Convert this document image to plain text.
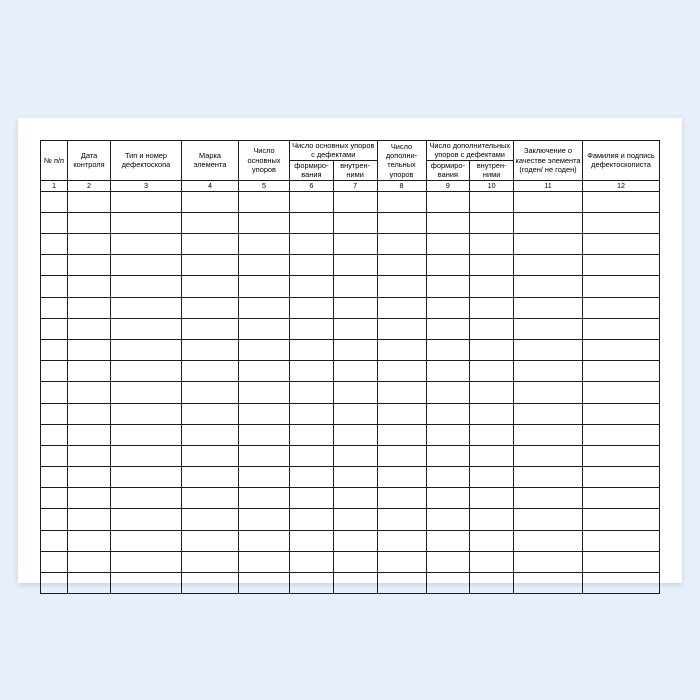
№ п/п	Дата контроля	Тип и номер дефектоскопа	Марка элемента	Число основных упоров	Число основных упоров с дефектами		Число дополни-тельных упоров	Число дополнительных упоров с дефектами		Заключение о качестве элемента (годен/ не годен)	Фамилия и подпись дефектоскописта
					формиро-вания	внутрен-ними		формиро-вания	внутрен-ними		
1	2	3	4	5	6	7	8	9	10	11	12
